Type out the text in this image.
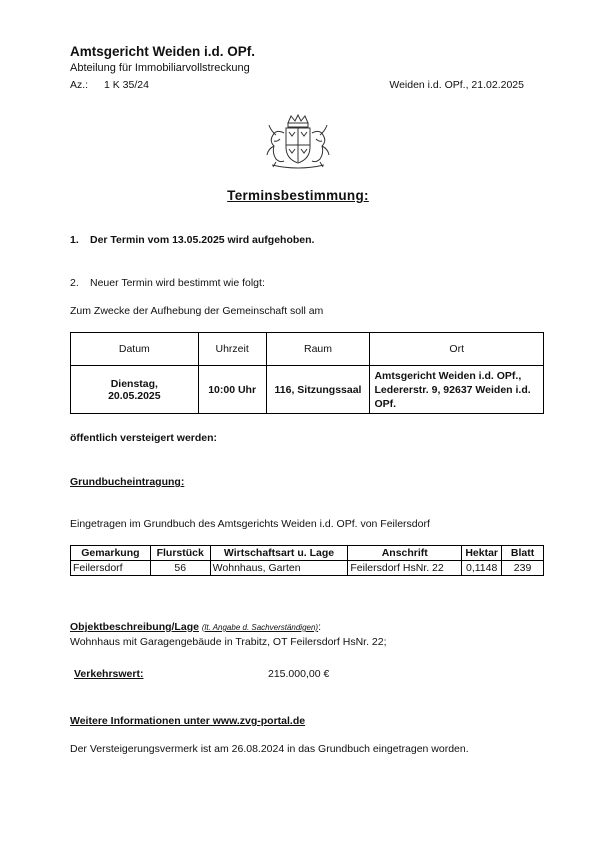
Amtsgericht Weiden i.d. OPf.
Abteilung für Immobiliarvollstreckung
Az.: 1 K 35/24	Weiden i.d. OPf., 21.02.2025
Terminsbestimmung:
1. Der Termin vom 13.05.2025 wird aufgehoben.
2. Neuer Termin wird bestimmt wie folgt:
Zum Zwecke der Aufhebung der Gemeinschaft soll am
Datum	Uhrzeit	Raum	Ort

Dienstag,
20.05.2025	10:00 Uhr	116, Sitzungssaal	Amtsgericht Weiden i.d. OPf., Ledererstr. 9, 92637 Weiden i.d. OPf.
öffentlich versteigert werden:
Grundbucheintragung:
Eingetragen im Grundbuch des Amtsgerichts Weiden i.d. OPf. von Feilersdorf
Gemarkung	Flurstück	Wirtschaftsart u. Lage	Anschrift	Hektar	Blatt
Feilersdorf	56	Wohnhaus, Garten	Feilersdorf HsNr. 22	0,1148	239
Objektbeschreibung/Lage (lt. Angabe d. Sachverständigen):
Wohnhaus mit Garagengebäude in Trabitz, OT Feilersdorf HsNr. 22;
Verkehrswert:	215.000,00 €
Weitere Informationen unter www.zvg-portal.de
Der Versteigerungsvermerk ist am 26.08.2024 in das Grundbuch eingetragen worden.
